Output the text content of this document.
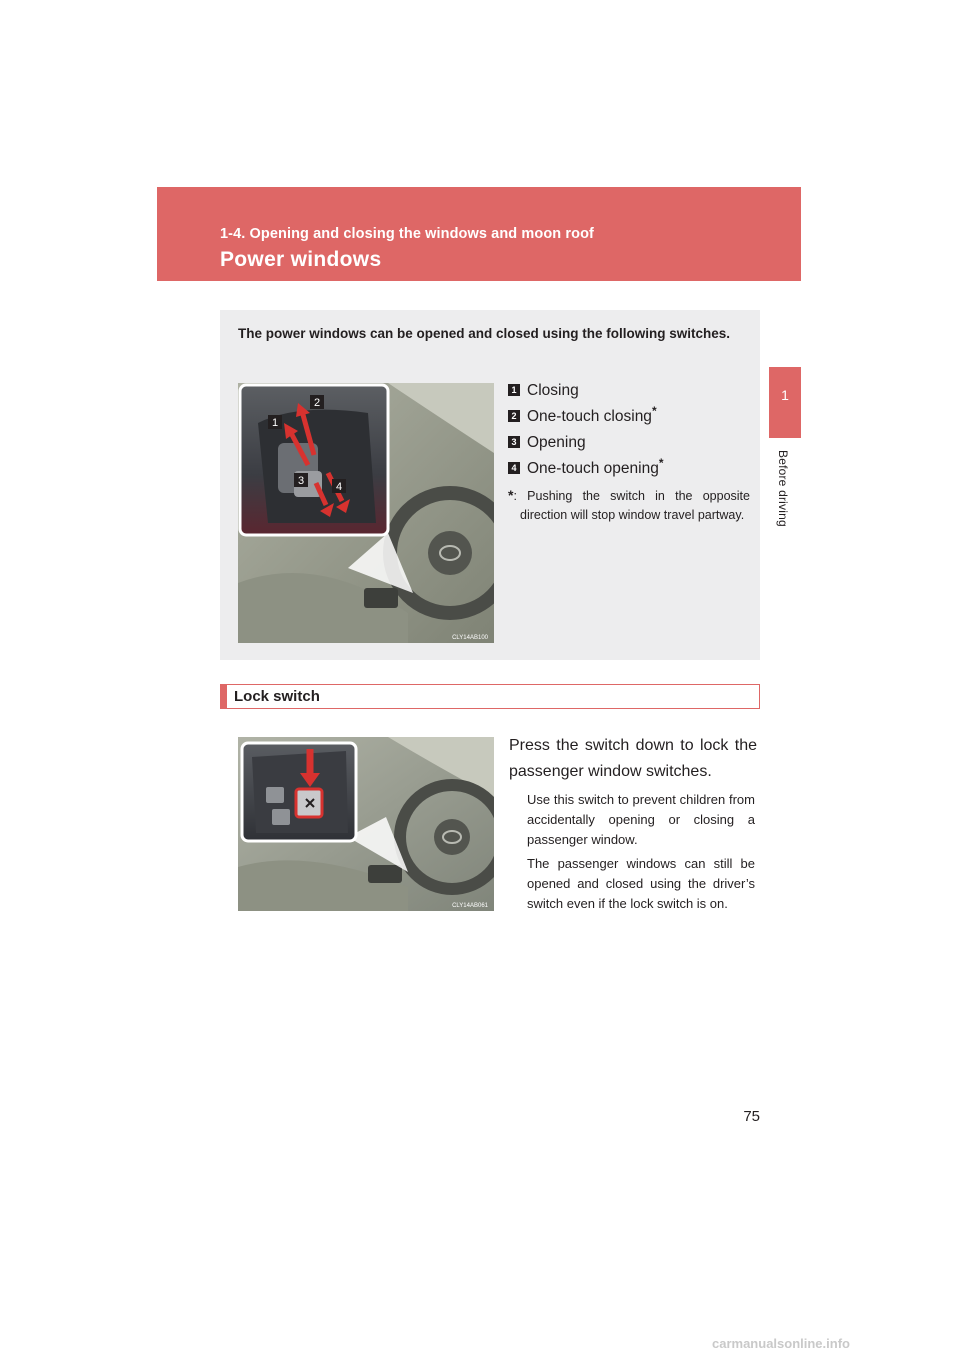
1-4. Opening and closing the windows and moon roof
Power windows
1
Before driving
The power windows can be opened and closed using the following switches.
1
2
3	4
CLY14AB100
1 Closing
2 One-touch closing*
3 Opening
4 One-touch opening*
*: Pushing the switch in the opposite direction will stop window travel partway.
Lock switch
CLY14AB061
Press the switch down to lock the passenger window switches.
Use this switch to prevent children from accidentally opening or closing a passenger window.
The passenger windows can still be opened and closed using the driver’s switch even if the lock switch is on.
75
carmanualsonline.info
